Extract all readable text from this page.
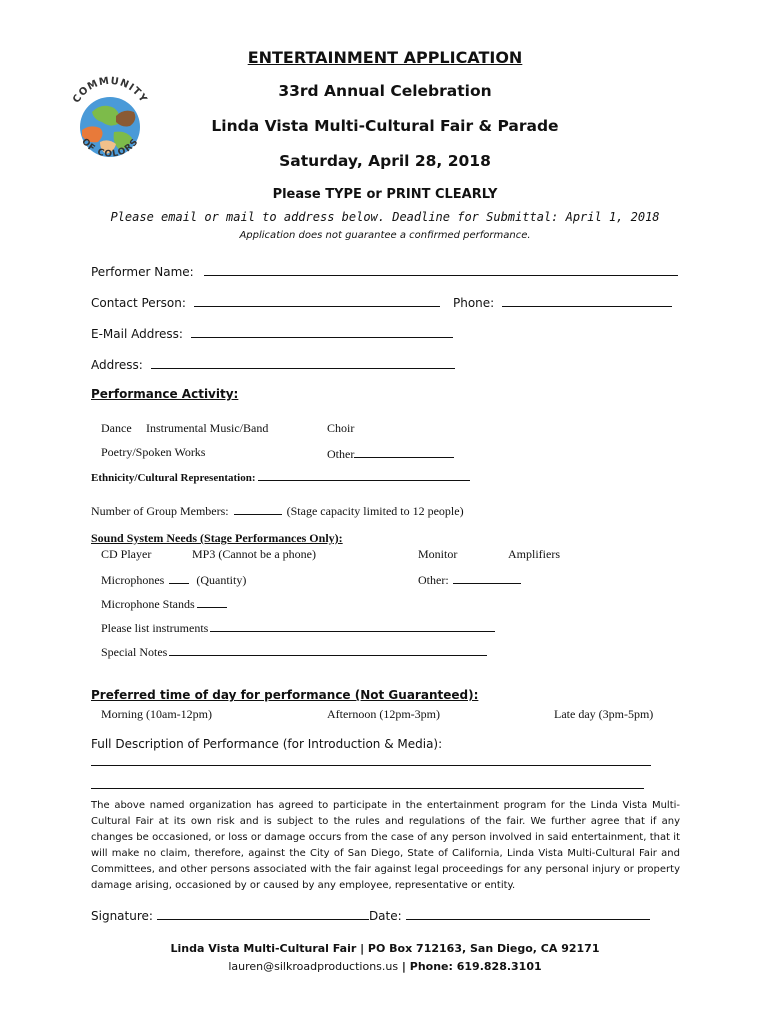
COMMUNITY
OF COLORS
ENTERTAINMENT APPLICATION
33rd Annual Celebration
Linda Vista Multi-Cultural Fair & Parade
Saturday, April 28, 2018
Please TYPE or PRINT CLEARLY
Please email or mail to address below. Deadline for Submittal: April 1, 2018
Application does not guarantee a confirmed performance.
Performer Name:
Contact Person:	Phone:
E-Mail Address:
Address:
Performance Activity:
Dance Instrumental Music/Band	Choir
Poetry/Spoken Works	Other
Ethnicity/Cultural Representation:
Number of Group Members:	(Stage capacity limited to 12 people)
Sound System Needs (Stage Performances Only):
CD Player	MP3 (Cannot be a phone)	Monitor	Amplifiers
Microphones	(Quantity)	Other:
Microphone Stands
Please list instruments
Special Notes
Preferred time of day for performance (Not Guaranteed):
Morning (10am-12pm)	Afternoon (12pm-3pm)	Late day (3pm-5pm)
Full Description of Performance (for Introduction & Media):
The above named organization has agreed to participate in the entertainment program for the Linda Vista Multi-Cultural Fair at its own risk and is subject to the rules and regulations of the fair. We further agree that if any changes be occasioned, or loss or damage occurs from the case of any person involved in said entertainment, that it will make no claim, therefore, against the City of San Diego, State of California, Linda Vista Multi-Cultural Fair and Committees, and other persons associated with the fair against legal proceedings for any personal injury or property damage arising, occasioned by or caused by any employee, representative or entity.
Signature:	Date:
Linda Vista Multi-Cultural Fair | PO Box 712163, San Diego, CA 92171
lauren@silkroadproductions.us | Phone: 619.828.3101
